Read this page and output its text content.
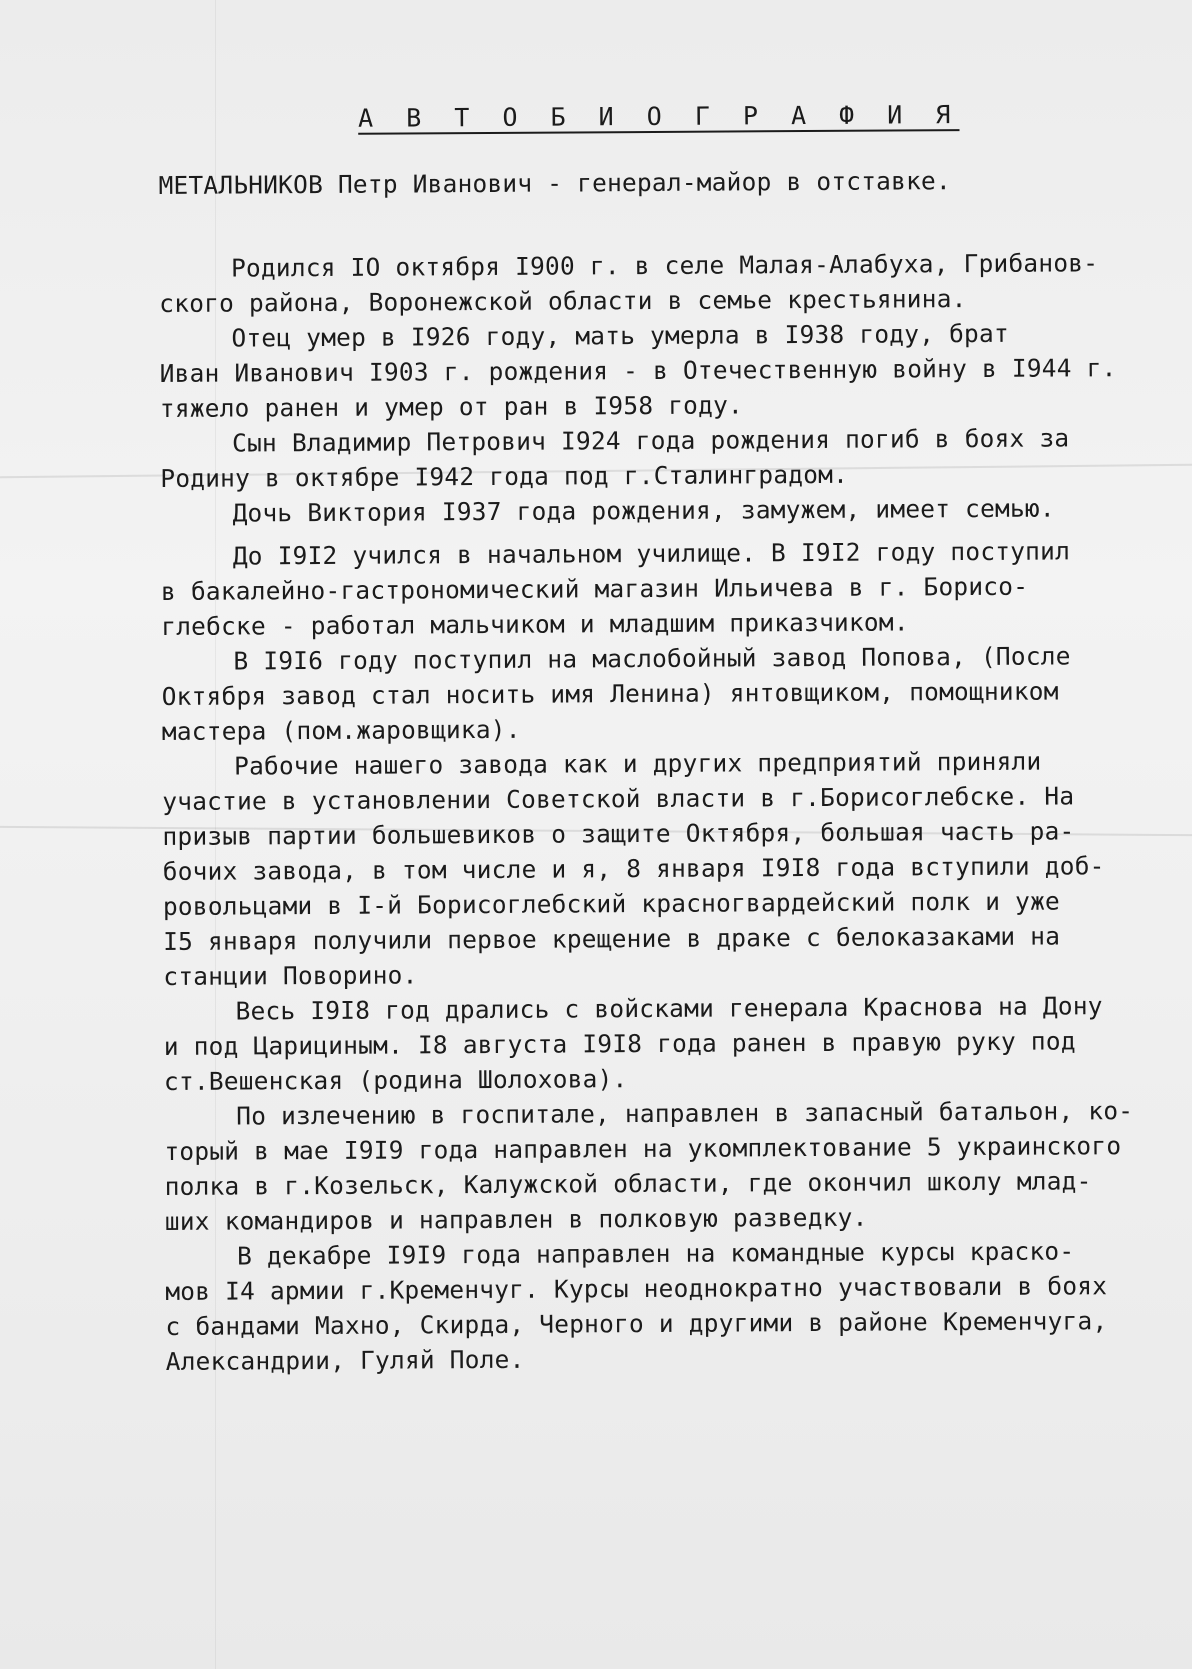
А В Т О Б И О Г Р А Ф И Я
МЕТАЛЬНИКОВ Петр Иванович - генерал-майор в отставке.
Родился IО октября I900 г. в селе Малая-Алабуха, Грибанов-
ского района, Воронежской области в семье крестьянина.
Отец умер в I926 году, мать умерла в I938 году, брат
Иван Иванович I903 г. рождения - в Отечественную войну в I944 г.
тяжело ранен и умер от ран в I958 году.
Сын Владимир Петрович I924 года рождения погиб в боях за
Родину в октябре I942 года под г.Сталинградом.
Дочь Виктория I937 года рождения, замужем, имеет семью.
До I9I2 учился в начальном училище. В I9I2 году поступил
в бакалейно-гастрономический магазин Ильичева в г. Борисо-
глебске - работал мальчиком и младшим приказчиком.
В I9I6 году поступил на маслобойный завод Попова, (После
Октября завод стал носить имя Ленина) янтовщиком, помощником
мастера (пом.жаровщика).
Рабочие нашего завода как и других предприятий приняли
участие в установлении Советской власти в г.Борисоглебске. На
призыв партии большевиков о защите Октября, большая часть ра-
бочих завода, в том числе и я, 8 января I9I8 года вступили доб-
ровольцами в I-й Борисоглебский красногвардейский полк и уже
I5 января получили первое крещение в драке с белоказаками на
станции Поворино.
Весь I9I8 год дрались с войсками генерала Краснова на Дону
и под Царициным. I8 августа I9I8 года ранен в правую руку под
ст.Вешенская (родина Шолохова).
По излечению в госпитале, направлен в запасный батальон, ко-
торый в мае I9I9 года направлен на укомплектование 5 украинского
полка в г.Козельск, Калужской области, где окончил школу млад-
ших командиров и направлен в полковую разведку.
В декабре I9I9 года направлен на командные курсы краско-
мов I4 армии г.Кременчуг. Курсы неоднократно участвовали в боях
с бандами Махно, Скирда, Черного и другими в районе Кременчуга,
Александрии, Гуляй Поле.
